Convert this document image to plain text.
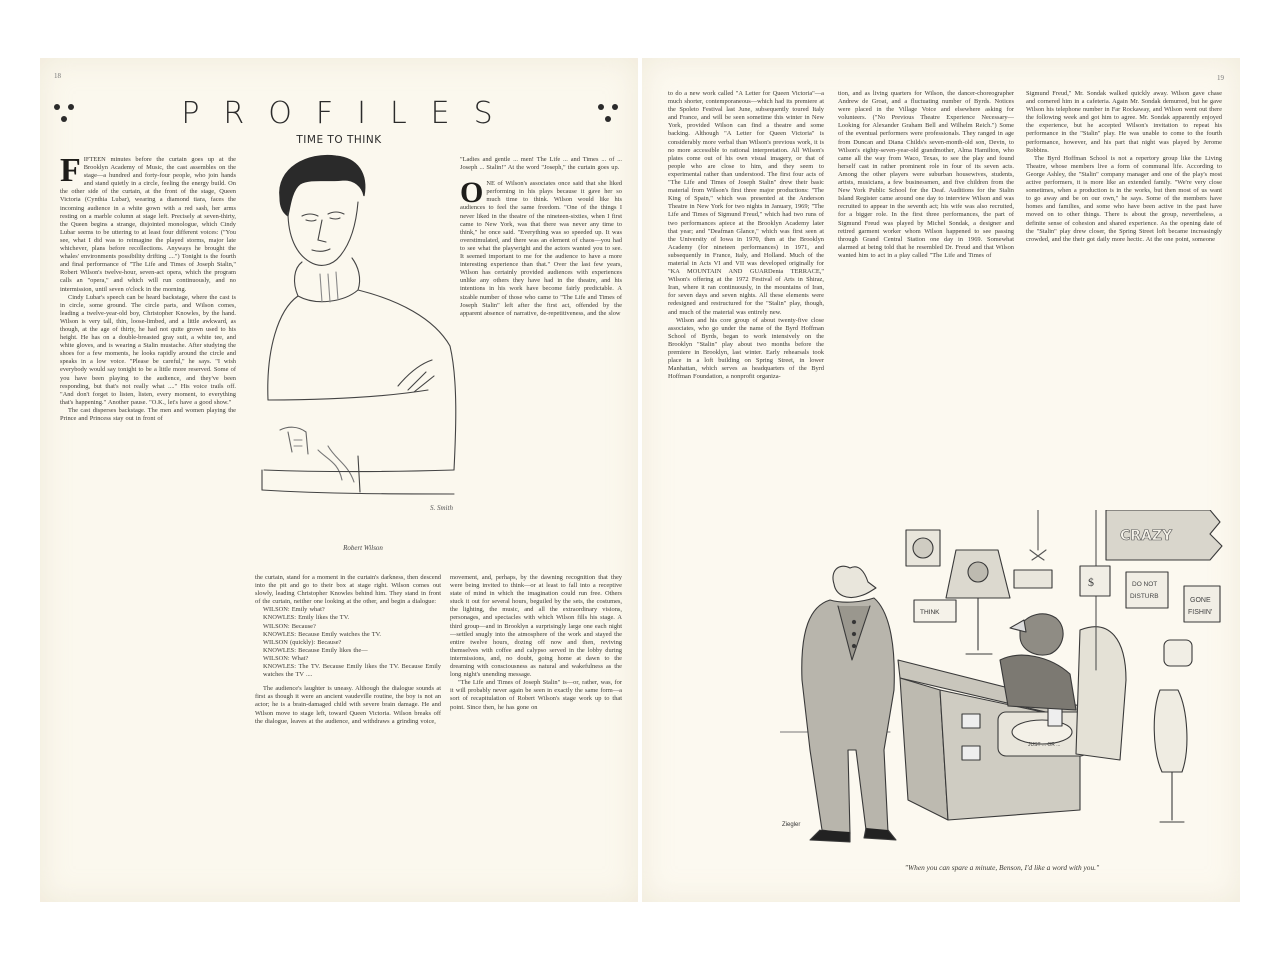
18
PROFILES
TIME TO THINK

FIFTEEN minutes before the curtain goes up at the Brooklyn Academy of Music, the cast assembles on the stage—a hundred and forty-four people, who join hands and stand quietly in a circle, feeling the energy build. On the other side of the curtain, at the front of the stage, Queen Victoria (Cynthia Lubar), wearing a diamond tiara, faces the incoming audience in a white gown with a red sash, her arms resting on a marble column at stage left. Precisely at seven-thirty, the Queen begins a strange, disjointed monologue, which Cindy Lubar seems to be uttering to at least four different voices: ("You see, what I did was to reimagine the played storms, major late whichever, plans before recollections. Anyways he brought the whales' environments possibility drifting ....") Tonight is the fourth and final performance of "The Life and Times of Joseph Stalin," Robert Wilson's twelve-hour, seven-act opera, which the program calls an "opera," and which will run continuously, and no intermission, until seven o'clock in the morning.

Cindy Lubar's speech can be heard backstage, where the cast is in circle, some ground. The circle parts, and Wilson comes, leading a twelve-year-old boy, Christopher Knowles, by the hand. Wilson is very tall, thin, loose-limbed, and a little awkward, as though, at the age of thirty, he had not quite grown used to his height. He has on a double-breasted gray suit, a white tee, and white gloves, and is wearing a Stalin mustache. After studying the shoes for a few moments, he looks rapidly around the circle and speaks in a low voice. "Please be careful," he says. "I wish everybody would say tonight to be a little more reserved. Some of you have been playing to the audience, and they've been responding, but that's not really what ...." His voice trails off. "And don't forget to listen, listen, every moment, to everything that's happening." Another pause. "O.K., let's have a good show."

The cast disperses backstage. The men and women playing the Prince and Princess stay out in front of

S. Smith
Robert Wilson

"Ladies and gentle ... men! The Life ... and Times ... of ... Joseph ... Stalin!" At the word "Joseph," the curtain goes up.

ONE of Wilson's associates once said that she liked performing in his plays because it gave her so much time to think. Wilson would like his audiences to feel the same freedom. "One of the things I never liked in the theatre of the nineteen-sixties, when I first came to New York, was that there was never any time to think," he once said. "Everything was so speeded up. It was overstimulated, and there was an element of chaos—you had to see what the playwright and the actors wanted you to see. It seemed important to me for the audience to have a more interesting experience than that." Over the last few years, Wilson has certainly provided audiences with experiences unlike any others they have had in the theatre, and his intentions in his work have become fairly predictable. A sizable number of those who came to "The Life and Times of Joseph Stalin" left after the first act, offended by the apparent absence of narrative, de-repetitiveness, and the slow

the curtain, stand for a moment in the curtain's darkness, then descend into the pit and go to their box at stage right. Wilson comes out slowly, leading Christopher Knowles behind him. They stand in front of the curtain, neither one looking at the other, and begin a dialogue:

WILSON: Emily what?

KNOWLES: Emily likes the TV.

WILSON: Because?

KNOWLES: Because Emily watches the TV.

WILSON (quickly): Because?

KNOWLES: Because Emily likes the—

WILSON: What?

KNOWLES: The TV. Because Emily likes the TV. Because Emily watches the TV ....

The audience's laughter is uneasy. Although the dialogue sounds at first as though it were an ancient vaudeville routine, the boy is not an actor; he is a brain-damaged child with severe brain damage. He and Wilson move to stage left, toward Queen Victoria. Wilson breaks off the dialogue, leaves at the audience, and withdraws a grinding voice,

movement, and, perhaps, by the dawning recognition that they were being invited to think—or at least to fall into a receptive state of mind in which the imagination could run free. Others stuck it out for several hours, beguiled by the sets, the costumes, the lighting, the music, and all the extraordinary visions, personages, and spectacles with which Wilson fills his stage. A third group—and in Brooklyn a surprisingly large one each night—settled snugly into the atmosphere of the work and stayed the entire twelve hours, dozing off now and then, reviving themselves with coffee and calypso served in the lobby during intermissions, and, no doubt, going home at dawn to the dreaming with consciousness as natural and wakefulness as the long night's unending message.

"The Life and Times of Joseph Stalin" is—or, rather, was, for it will probably never again be seen in exactly the same form—a sort of recapitulation of Robert Wilson's stage work up to that point. Since then, he has gone on

19

to do a new work called "A Letter for Queen Victoria"—a much shorter, contemporaneous—which had its premiere at the Spoleto Festival last June, subsequently toured Italy and France, and will be seen sometime this winter in New York, provided Wilson can find a theatre and some backing. Although "A Letter for Queen Victoria" is considerably more verbal than Wilson's previous work, it is no more accessible to rational interpretation. All Wilson's plates come out of his own visual imagery, or that of people who are close to him, and they seem to experimental rather than understood. The first four acts of "The Life and Times of Joseph Stalin" drew their basic material from Wilson's first three major productions: "The King of Spain," which was presented at the Anderson Theatre in New York for two nights in January, 1969; "The Life and Times of Sigmund Freud," which had two runs of two performances apiece at the Brooklyn Academy later that year; and "Deafman Glance," which was first seen at the University of Iowa in 1970, then at the Brooklyn Academy (for nineteen performances) in 1971, and subsequently in France, Italy, and Holland. Much of the material in Acts VI and VII was developed originally for "KA MOUNTAIN AND GUARDenia TERRACE," Wilson's offering at the 1972 Festival of Arts in Shiraz, Iran, where it ran continuously, in the mountains of Iran, for seven days and seven nights. All these elements were redesigned and restructured for the "Stalin" play, though, and much of the material was entirely new.

Wilson and his core group of about twenty-five close associates, who go under the name of the Byrd Hoffman School of Byrds, began to work intensively on the Brooklyn "Stalin" play about two months before the premiere in Brooklyn, last winter. Early rehearsals took place in a loft building on Spring Street, in lower Manhattan, which serves as headquarters of the Byrd Hoffman Foundation, a nonprofit organiza-

tion, and as living quarters for Wilson, the dancer-choreographer Andrew de Groat, and a fluctuating number of Byrds. Notices were placed in the Village Voice and elsewhere asking for volunteers. ("No Previous Theatre Experience Necessary—Looking for Alexander Graham Bell and Wilhelm Reich.") Some of the eventual performers were professionals. They ranged in age from Duncan and Diana Childs's seven-month-old son, Devin, to Wilson's eighty-seven-year-old grandmother, Alma Hamilton, who came all the way from Waco, Texas, to see the play and found herself cast in rather prominent role in four of its seven acts. Among the other players were suburban housewives, students, artists, musicians, a few businessmen, and five children from the New York Public School for the Deaf. Auditions for the Stalin Island Register came around one day to interview Wilson and was recruited to appear in the seventh act; his wife was also recruited, for a bigger role. In the first three performances, the part of Sigmund Freud was played by Michel Sondak, a designer and retired garment worker whom Wilson happened to see passing through Grand Central Station one day in 1969. Somewhat alarmed at being told that he resembled Dr. Freud and that Wilson wanted him to act in a play called "The Life and Times of

Sigmund Freud," Mr. Sondak walked quickly away. Wilson gave chase and cornered him in a cafeteria. Again Mr. Sondak demurred, but he gave Wilson his telephone number in Far Rockaway, and Wilson went out there the following week and got him to agree. Mr. Sondak apparently enjoyed the experience, but he accepted Wilson's invitation to repeat his performance in the "Stalin" play. He was unable to come to the fourth performance, however, and his part that night was played by Jerome Robbins.

The Byrd Hoffman School is not a repertory group like the Living Theatre, whose members live a form of communal life. According to George Ashley, the "Stalin" company manager and one of the play's most active performers, it is more like an extended family. "We're very close sometimes, when a production is in the works, but then most of us want to go away and be on our own," he says. Some of the members have homes and families, and some who have been active in the past have moved on to other things. There is about the group, nevertheless, a definite sense of cohesion and shared experience. As the opening date of the "Stalin" play drew closer, the Spring Street loft became increasingly crowded, and the their got daily more hectic. At the one point, someone

JUST ... OR ...
THINK
CRAZY
$	DO NOT
DISTURB
GONE
FISHIN'
Ziegler
"When you can spare a minute, Benson, I'd like a word with you."
